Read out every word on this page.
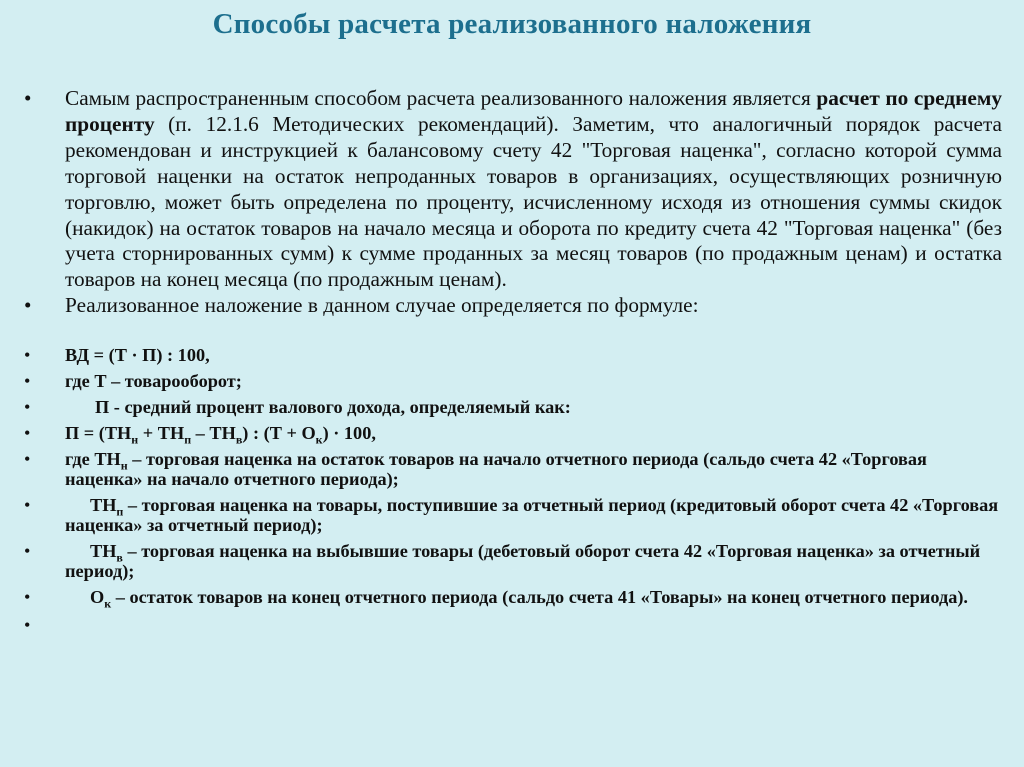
Способы расчета реализованного наложения
• Самым распространенным способом расчета реализованного наложения является расчет по среднему проценту (п. 12.1.6 Методических рекомендаций). Заметим, что аналогичный порядок расчета рекомендован и инструкцией к балансовому счету 42 "Торговая наценка", согласно которой сумма торговой наценки на остаток непроданных товаров в организациях, осуществляющих розничную торговлю, может быть определена по проценту, исчисленному исходя из отношения суммы скидок (накидок) на остаток товаров на начало месяца и оборота по кредиту счета 42 "Торговая наценка" (без учета сторнированных сумм) к сумме проданных за месяц товаров (по продажным ценам) и остатка товаров на конец месяца (по продажным ценам).
• Реализованное наложение в данном случае определяется по формуле:
• ВД = (Т · П) : 100,
• где Т – товарооборот;
•	П - средний процент валового дохода, определяемый как:
• $П = (ТН_н + ТН_п - ТН_в)$ : $(Т + О_к) \cdot 100$,
• где $ТН_н$ – торговая наценка на остаток товаров на начало отчетного периода (сальдо счета 42 «Торговая наценка» на начало отчетного периода);
•	$ТН_п$ – торговая наценка на товары, поступившие за отчетный период (кредитовый оборот счета 42 «Торговая наценка» за отчетный период);
•	$ТН_в$ – торговая наценка на выбывшие товары (дебетовый оборот счета 42 «Торговая наценка» за отчетный период);
•	$О_к$ – остаток товаров на конец отчетного периода (сальдо счета 41 «Товары» на конец отчетного периода).
•
